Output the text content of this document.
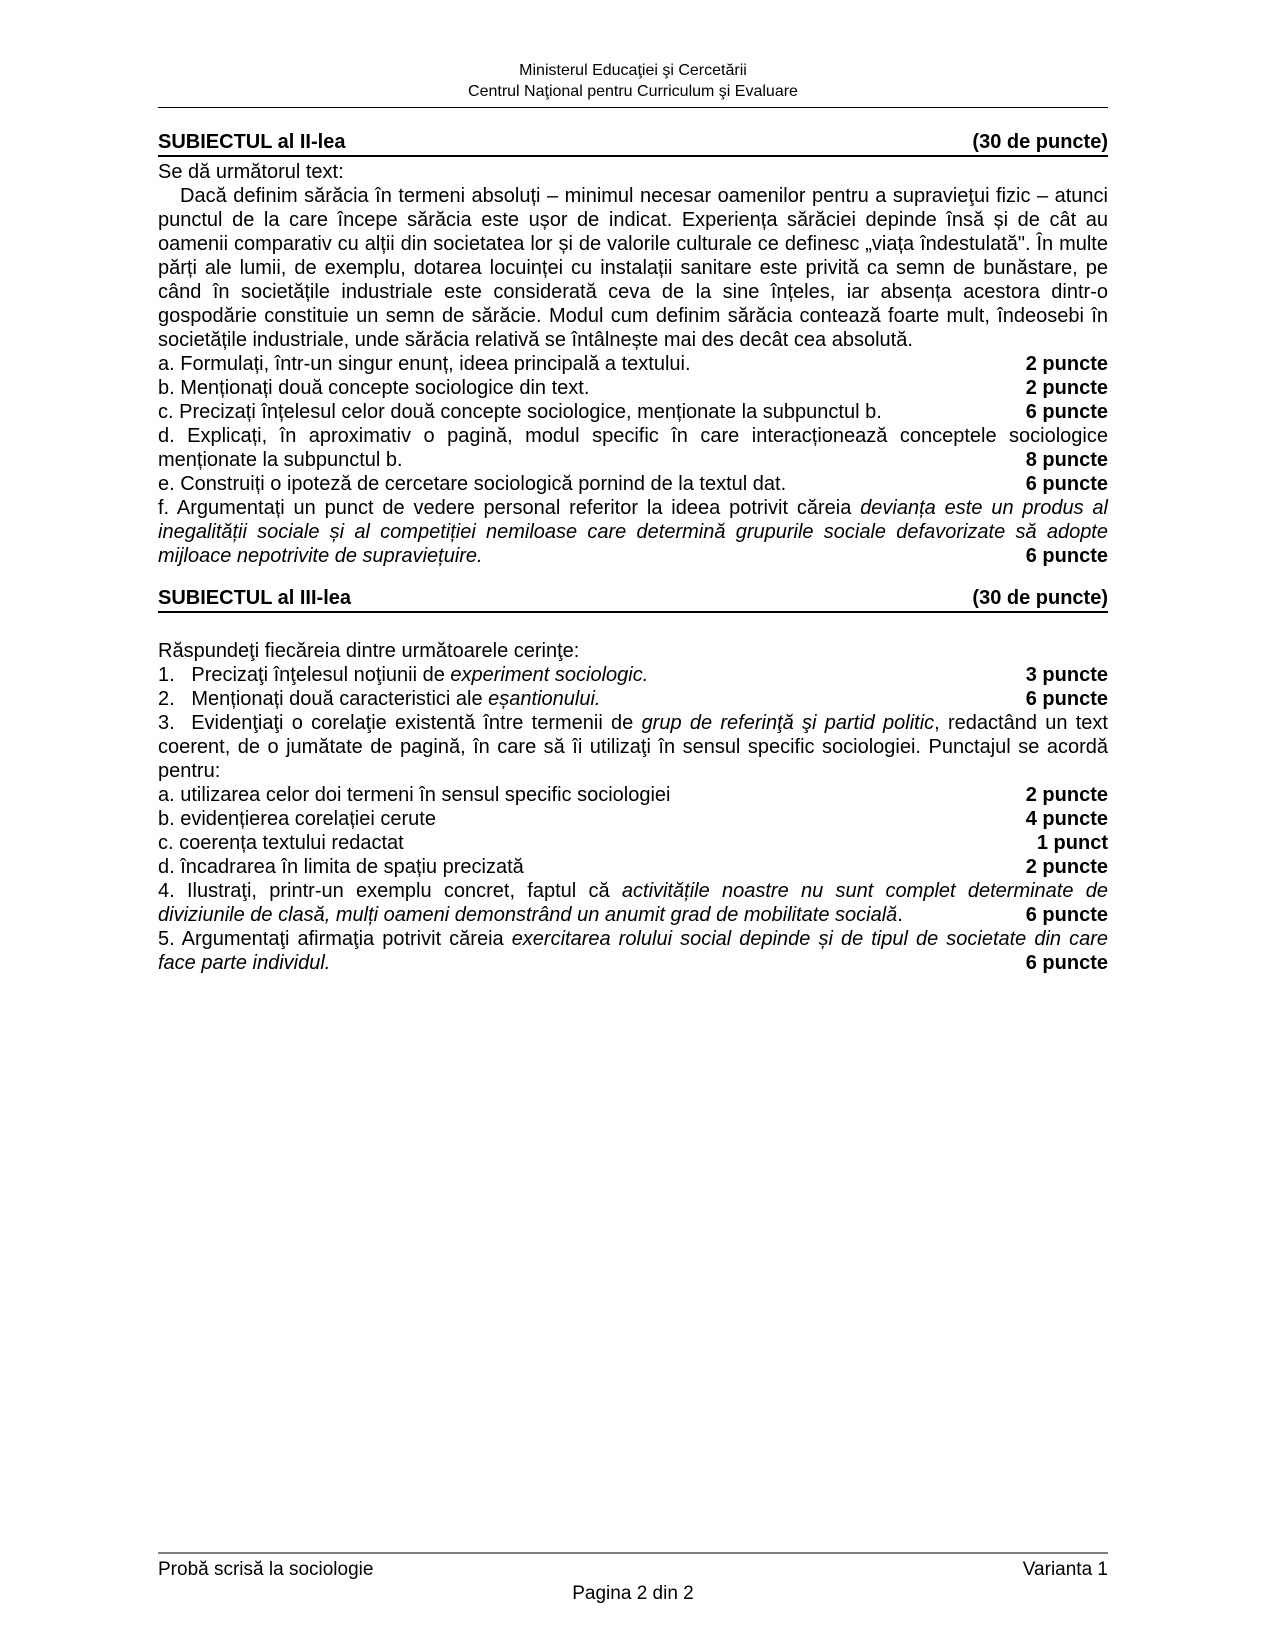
Ministerul Educaţiei şi Cercetării
Centrul Naţional pentru Curriculum şi Evaluare
SUBIECTUL al II-lea	(30 de puncte)
Se dă următorul text:
Dacă definim sărăcia în termeni absoluți – minimul necesar oamenilor pentru a supravieţui fizic – atunci punctul de la care începe sărăcia este ușor de indicat. Experiența sărăciei depinde însă și de cât au oamenii comparativ cu alții din societatea lor și de valorile culturale ce definesc „viața îndestulată". În multe părți ale lumii, de exemplu, dotarea locuinței cu instalații sanitare este privită ca semn de bunăstare, pe când în societățile industriale este considerată ceva de la sine înțeles, iar absența acestora dintr-o gospodărie constituie un semn de sărăcie. Modul cum definim sărăcia contează foarte mult, îndeosebi în societățile industriale, unde sărăcia relativă se întâlnește mai des decât cea absolută.
a. Formulați, într-un singur enunț, ideea principală a textului.	2 puncte
b. Menționați două concepte sociologice din text.	2 puncte
c. Precizați înțelesul celor două concepte sociologice, menționate la subpunctul b.	6 puncte
d. Explicați, în aproximativ o pagină, modul specific în care interacționează conceptele sociologice menționate la subpunctul b.	8 puncte
e. Construiți o ipoteză de cercetare sociologică pornind de la textul dat.	6 puncte
f. Argumentați un punct de vedere personal referitor la ideea potrivit căreia devianța este un produs al inegalității sociale și al competiției nemiloase care determină grupurile sociale defavorizate să adopte mijloace nepotrivite de supraviețuire.	6 puncte
SUBIECTUL al III-lea	(30 de puncte)
Răspundeţi fiecăreia dintre următoarele cerinţe:
1.   Precizaţi înţelesul noţiunii de experiment sociologic.	3 puncte
2.   Menționați două caracteristici ale eșantionului.	6 puncte
3.  Evidenţiaţi o corelaţie existentă între termenii de grup de referinţă şi partid politic, redactând un text coerent, de o jumătate de pagină, în care să îi utilizaţi în sensul specific sociologiei. Punctajul se acordă pentru:
a. utilizarea celor doi termeni în sensul specific sociologiei	2 puncte
b. evidențierea corelației cerute	4 puncte
c. coerența textului redactat	1 punct
d. încadrarea în limita de spațiu precizată	2 puncte
4. Ilustraţi, printr-un exemplu concret, faptul că activitățile noastre nu sunt complet determinate de diviziunile de clasă, mulți oameni demonstrând un anumit grad de mobilitate socială.	6 puncte
5. Argumentaţi afirmaţia potrivit căreia exercitarea rolului social depinde și de tipul de societate din care face parte individul.	6 puncte
Probă scrisă la sociologie	Varianta 1
Pagina 2 din 2
